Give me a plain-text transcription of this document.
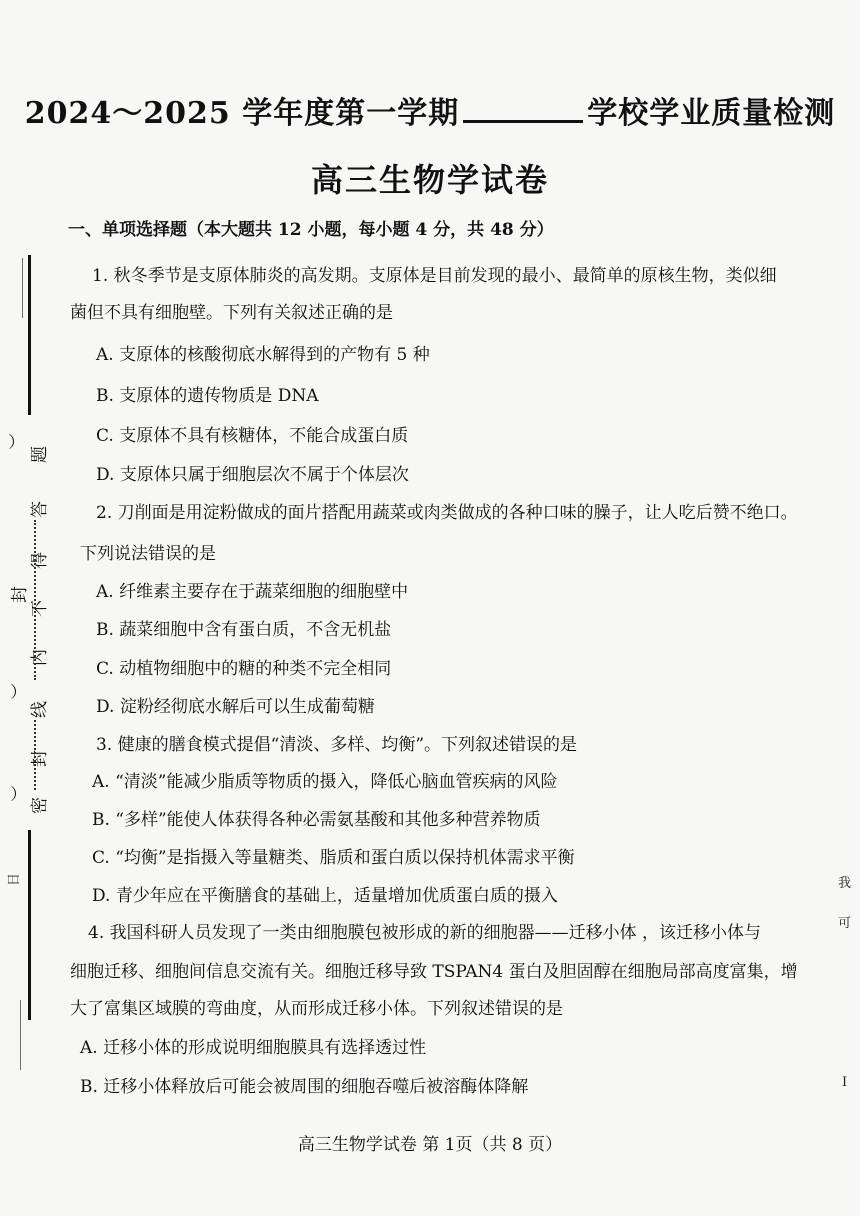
2024～2025 学年度第一学期	学校学业质量检测
高三生物学试卷
一、单项选择题（本大题共 12 小题，每小题 4 分，共 48 分）
1. 秋冬季节是支原体肺炎的高发期。支原体是目前发现的最小、最简单的原核生物，类似细
菌但不具有细胞壁。下列有关叙述正确的是
A. 支原体的核酸彻底水解得到的产物有 5 种
B. 支原体的遗传物质是 DNA
C. 支原体不具有核糖体，不能合成蛋白质
D. 支原体只属于细胞层次不属于个体层次
2. 刀削面是用淀粉做成的面片搭配用蔬菜或肉类做成的各种口味的臊子，让人吃后赞不绝口。
下列说法错误的是
A. 纤维素主要存在于蔬菜细胞的细胞壁中
B. 蔬菜细胞中含有蛋白质，不含无机盐
C. 动植物细胞中的糖的种类不完全相同
D. 淀粉经彻底水解后可以生成葡萄糖
3. 健康的膳食模式提倡“清淡、多样、均衡”。下列叙述错误的是
A. “清淡”能减少脂质等物质的摄入，降低心脑血管疾病的风险
B. “多样”能使人体获得各种必需氨基酸和其他多种营养物质
C. “均衡”是指摄入等量糖类、脂质和蛋白质以保持机体需求平衡
D. 青少年应在平衡膳食的基础上，适量增加优质蛋白质的摄入
4. 我国科研人员发现了一类由细胞膜包被形成的新的细胞器——迁移小体 ，该迁移小体与
细胞迁移、细胞间信息交流有关。细胞迁移导致 TSPAN4 蛋白及胆固醇在细胞局部高度富集，增
大了富集区域膜的弯曲度，从而形成迁移小体。下列叙述错误的是
A. 迁移小体的形成说明细胞膜具有选择透过性
B. 迁移小体释放后可能会被周围的细胞吞噬后被溶酶体降解
︶
题
答
得
不
内
线
封
密
封
︶
︶
日	我
可
I
高三生物学试卷 第 1页（共 8 页）
